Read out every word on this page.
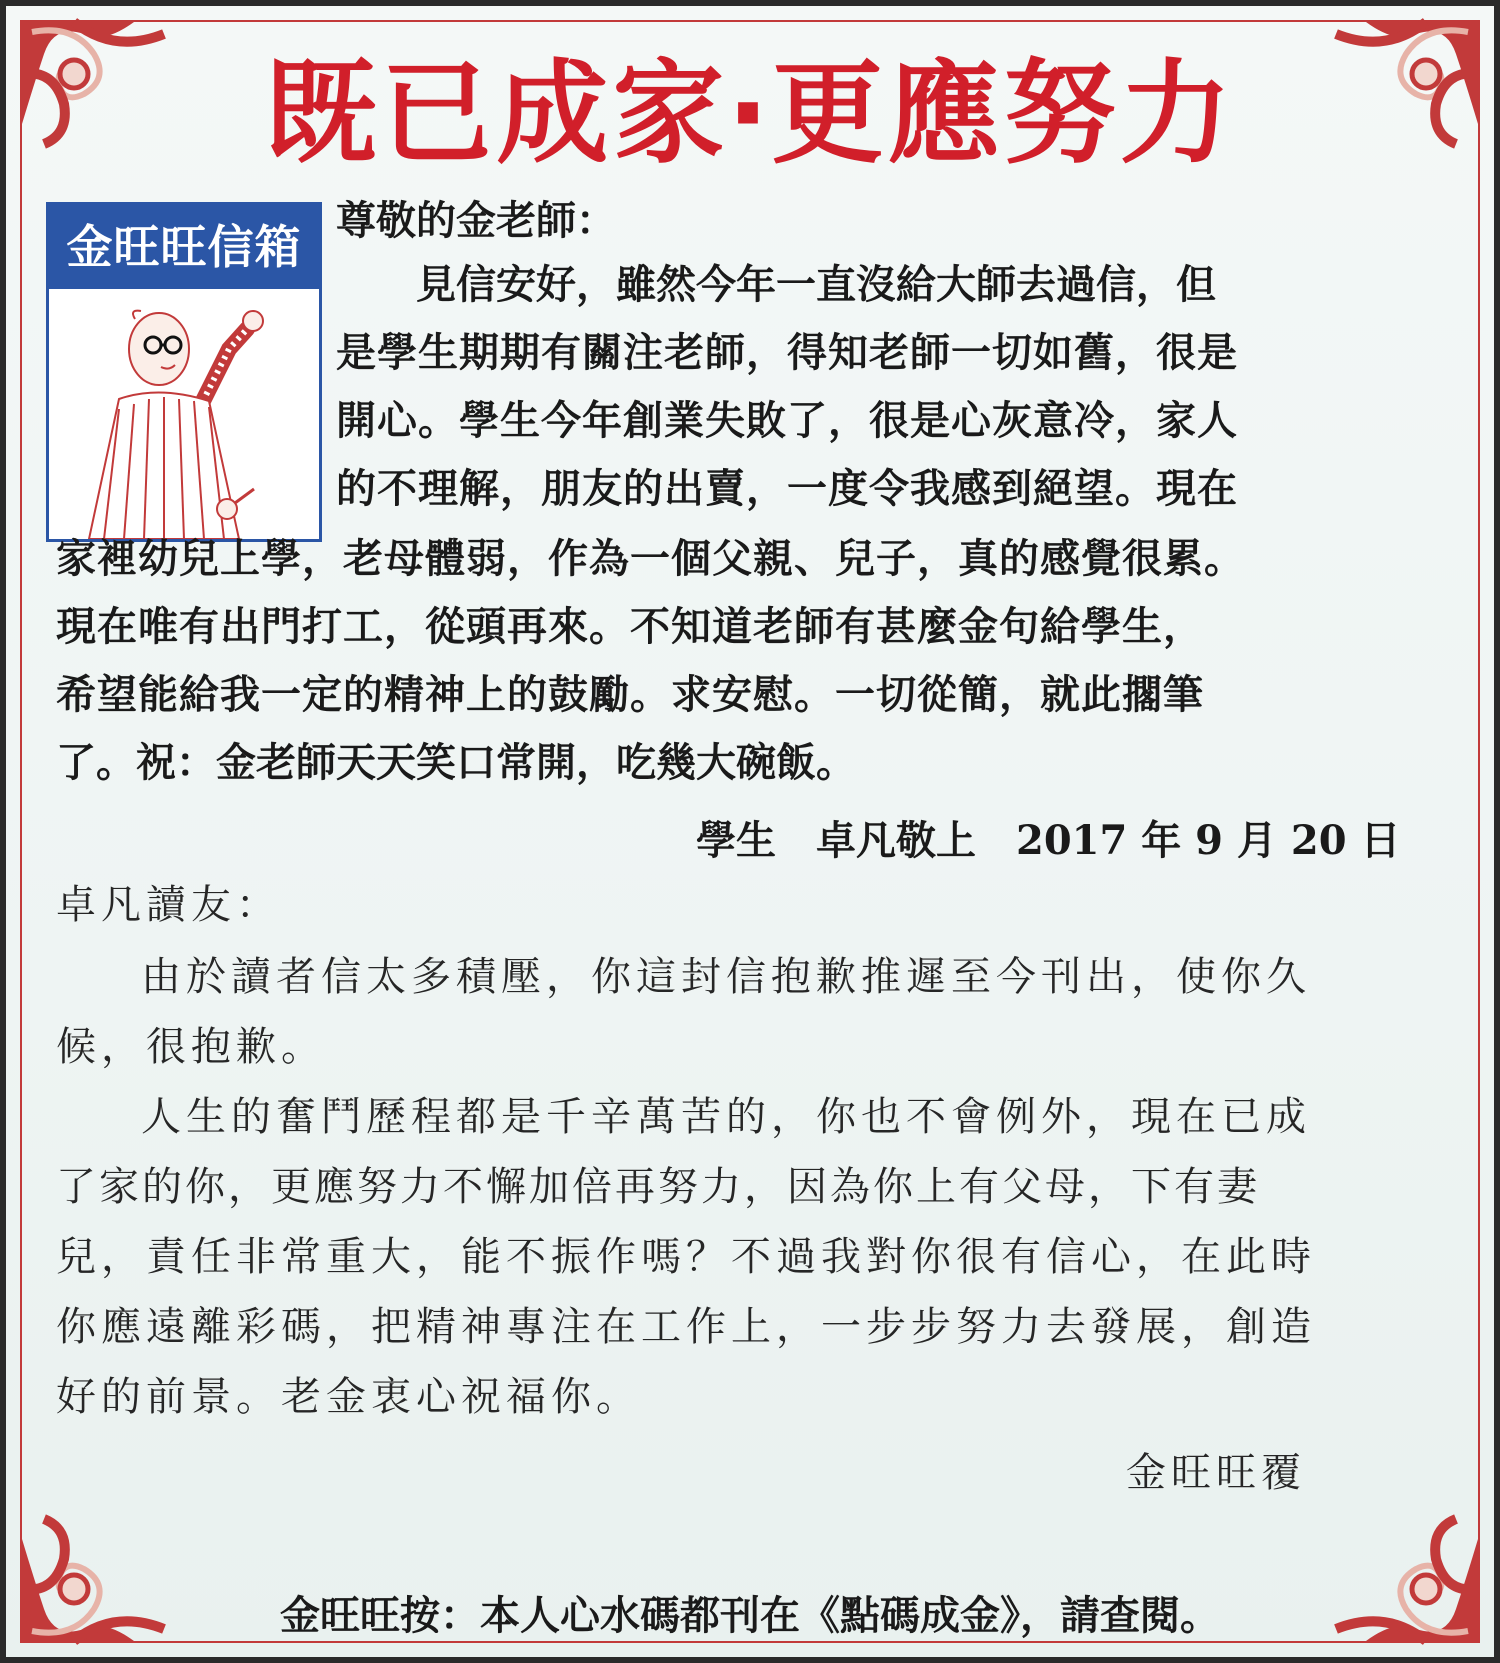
既已成家‧更應努力
金旺旺信箱 尊敬的金老師：
見信安好，雖然今年一直沒給大師去過信，但
是學生期期有關注老師，得知老師一切如舊，很是
開心。學生今年創業失敗了，很是心灰意冷，家人
的不理解，朋友的出賣，一度令我感到絕望。現在
家裡幼兒上學，老母體弱，作為一個父親、兒子，真的感覺很累。
現在唯有出門打工，從頭再來。不知道老師有甚麼金句給學生，
希望能給我一定的精神上的鼓勵。求安慰。一切從簡，就此擱筆
了。祝：金老師天天笑口常開，吃幾大碗飯。
學生　卓凡敬上　2017 年 9 月 20 日
卓凡讀友：
由於讀者信太多積壓，你這封信抱歉推遲至今刊出，使你久
候，很抱歉。
人生的奮鬥歷程都是千辛萬苦的，你也不會例外，現在已成
了家的你，更應努力不懈加倍再努力，因為你上有父母，下有妻
兒，責任非常重大，能不振作嗎？不過我對你很有信心，在此時
你應遠離彩碼，把精神專注在工作上，一步步努力去發展，創造
好的前景。老金衷心祝福你。
金旺旺覆
金旺旺按：本人心水碼都刊在《點碼成金》，請查閱。
